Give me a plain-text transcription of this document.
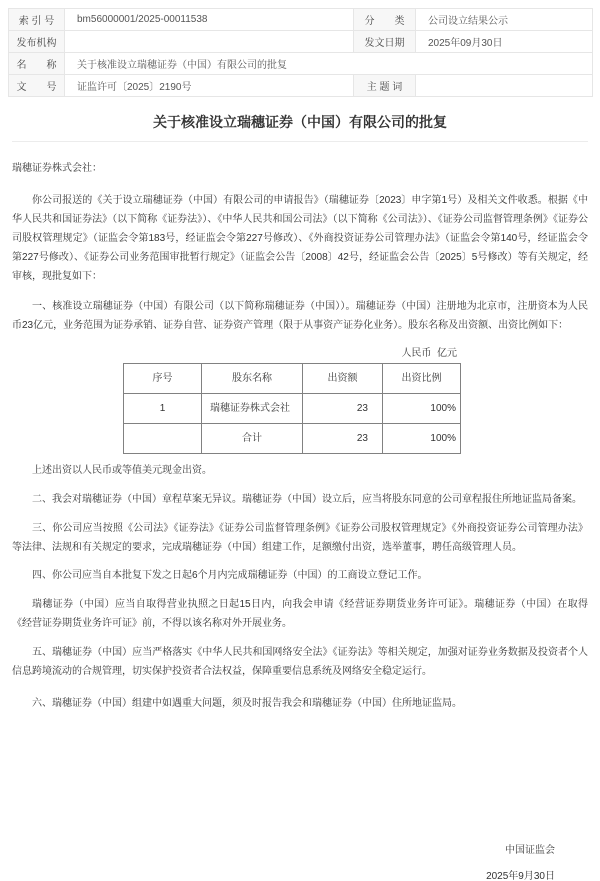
索 引 号	bm56000001/2025-00011538	分　　类	公司设立结果公示
发布机构		发文日期	2025年09月30日
名　　称	关于核准设立瑞穗证券（中国）有限公司的批复		
文　　号	证监许可〔2025〕2190号	主 题 词	
关于核准设立瑞穗证券（中国）有限公司的批复

瑞穗证券株式会社：

你公司报送的《关于设立瑞穗证券（中国）有限公司的申请报告》（瑞穗证券〔2023〕申字第1号）及相关文件收悉。根据《中华人民共和国证券法》（以下简称《证券法》）、《中华人民共和国公司法》（以下简称《公司法》）、《证券公司监督管理条例》《证券公司股权管理规定》（证监会令第183号，经证监会令第227号修改）、《外商投资证券公司管理办法》（证监会令第140号，经证监会令第227号修改）、《证券公司业务范围审批暂行规定》（证监会公告〔2008〕42号，经证监会公告〔2025〕5号修改）等有关规定，经审核，现批复如下：

一、核准设立瑞穗证券（中国）有限公司（以下简称瑞穗证券（中国））。瑞穗证券（中国）注册地为北京市，注册资本为人民币23亿元，业务范围为证券承销、证券自营、证券资产管理（限于从事资产证券化业务）。股东名称及出资额、出资比例如下：

人民币  亿元
序号	股东名称	出资额	出资比例
1	瑞穗证券株式会社	23	100%
	合计	23	100%

上述出资以人民币或等值美元现金出资。

二、我会对瑞穗证券（中国）章程草案无异议。瑞穗证券（中国）设立后，应当将股东同意的公司章程报住所地证监局备案。

三、你公司应当按照《公司法》《证券法》《证券公司监督管理条例》《证券公司股权管理规定》《外商投资证券公司管理办法》 等法律、法规和有关规定的要求，完成瑞穗证券（中国）组建工作，足额缴付出资，选举董事，聘任高级管理人员。

四、你公司应当自本批复下发之日起6个月内完成瑞穗证券（中国）的工商设立登记工作。

瑞穗证券（中国）应当自取得营业执照之日起15日内，向我会申请《经营证券期货业务许可证》。瑞穗证券（中国）在取得《经营证券期货业务许可证》前，不得以该名称对外开展业务。

五、瑞穗证券（中国）应当严格落实《中华人民共和国网络安全法》《证券法》等相关规定，加强对证券业务数据及投资者个人信息跨境流动的合规管理，切实保护投资者合法权益，保障重要信息系统及网络安全稳定运行。

六、瑞穗证券（中国）组建中如遇重大问题，须及时报告我会和瑞穗证券（中国）住所地证监局。

中国证监会
2025年9月30日
